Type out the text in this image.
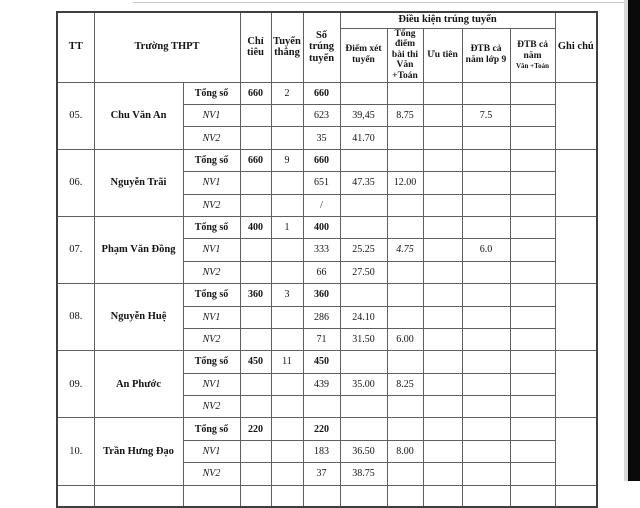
TT	Trường THPT		Chỉ tiêu	Tuyển thẳng	Số trúng tuyển	Điều kiện trúng tuyển					Ghi chú
						Điểm xét tuyển	Tổng điểm bài thi Văn +Toán	Ưu tiên	ĐTB cả năm lớp 9	ĐTB cả năm
Văn +Toán	

05.	Chu Văn An	Tổng số	660	2	660						
		NV1			623	39,45	8.75		7.5		
		NV2			35	41.70					
06.	Nguyễn Trãi	Tổng số	660	9	660						
		NV1			651	47.35	12.00				
		NV2			/						
07.	Phạm Văn Đồng	Tổng số	400	1	400						
		NV1			333	25.25	4.75		6.0		
		NV2			66	27.50					
08.	Nguyễn Huệ	Tổng số	360	3	360						
		NV1			286	24.10					
		NV2			71	31.50	6.00				
09.	An Phước	Tổng số	450	11	450						
		NV1			439	35.00	8.25				
		NV2									
10.	Trần Hưng Đạo	Tổng số	220		220						
		NV1			183	36.50	8.00				
		NV2			37	38.75					
